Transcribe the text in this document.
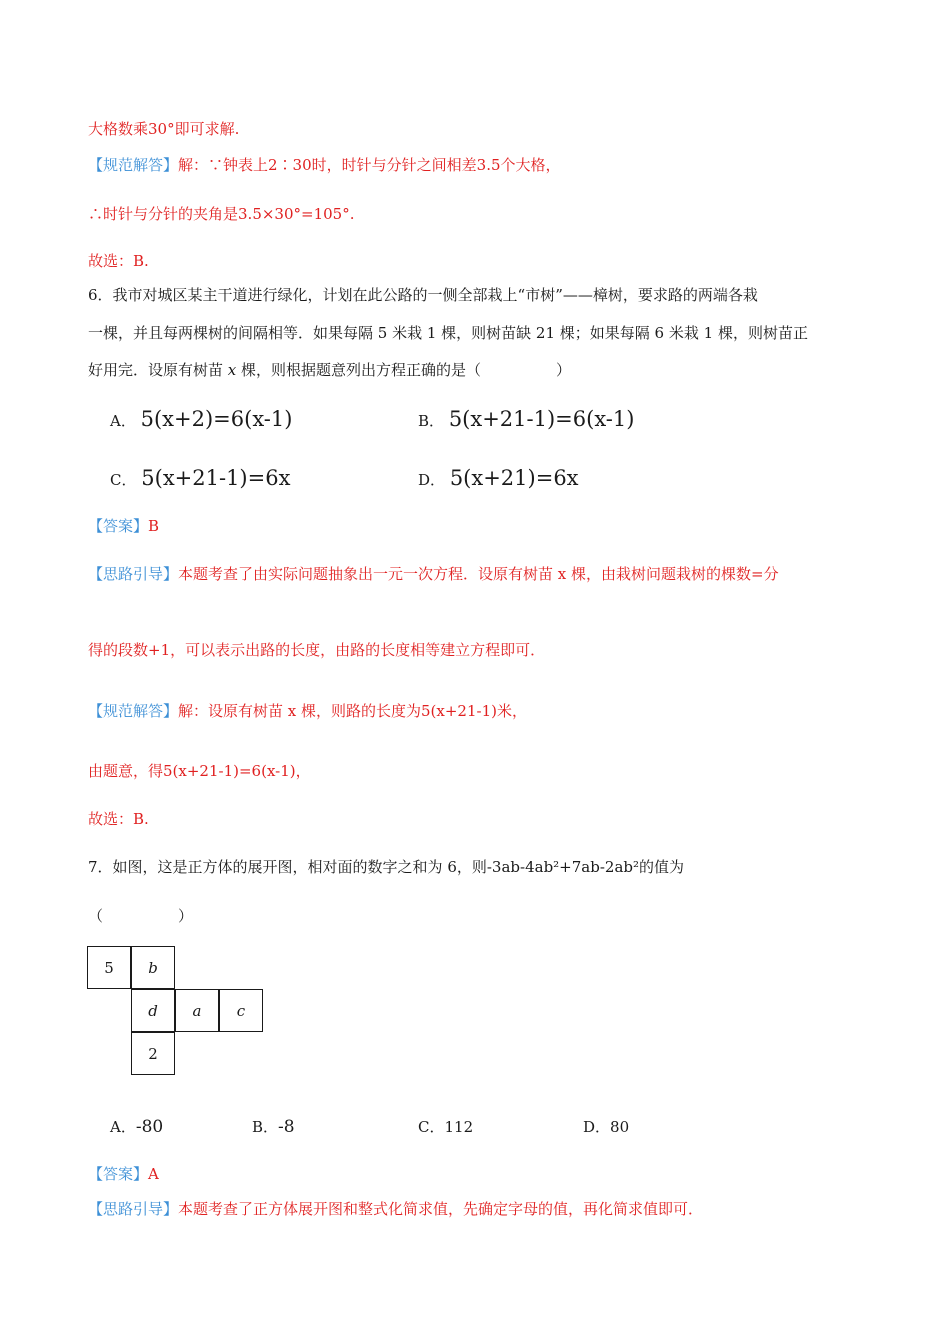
大格数乘30°即可求解.
【规范解答】解：∵钟表上2∶30时，时针与分针之间相差3.5个大格，
∴时针与分针的夹角是3.5×30°=105°.
故选：B.
6．我市对城区某主干道进行绿化，计划在此公路的一侧全部栽上“市树”——樟树，要求路的两端各栽
一棵，并且每两棵树的间隔相等．如果每隔 5 米栽 1 棵，则树苗缺 21 棵；如果每隔 6 米栽 1 棵，则树苗正
好用完．设原有树苗 x 棵，则根据题意列出方程正确的是（　　　　　）
A． 5(x+2)=6(x-1)	B． 5(x+21-1)=6(x-1)
C． 5(x+21-1)=6x	D． 5(x+21)=6x
【答案】B
【思路引导】本题考查了由实际问题抽象出一元一次方程．设原有树苗 x 棵，由栽树问题栽树的棵数=分
得的段数+1，可以表示出路的长度，由路的长度相等建立方程即可．
【规范解答】解：设原有树苗 x 棵，则路的长度为5(x+21-1)米，
由题意，得5(x+21-1)=6(x-1)，
故选：B.
7．如图，这是正方体的展开图，相对面的数字之和为 6，则-3ab-4ab²+7ab-2ab²的值为
（　　　　　）
5	b
d	a	c
2
A．-80	B．-8	C．112	D．80
【答案】A
【思路引导】本题考查了正方体展开图和整式化简求值，先确定字母的值，再化简求值即可．
